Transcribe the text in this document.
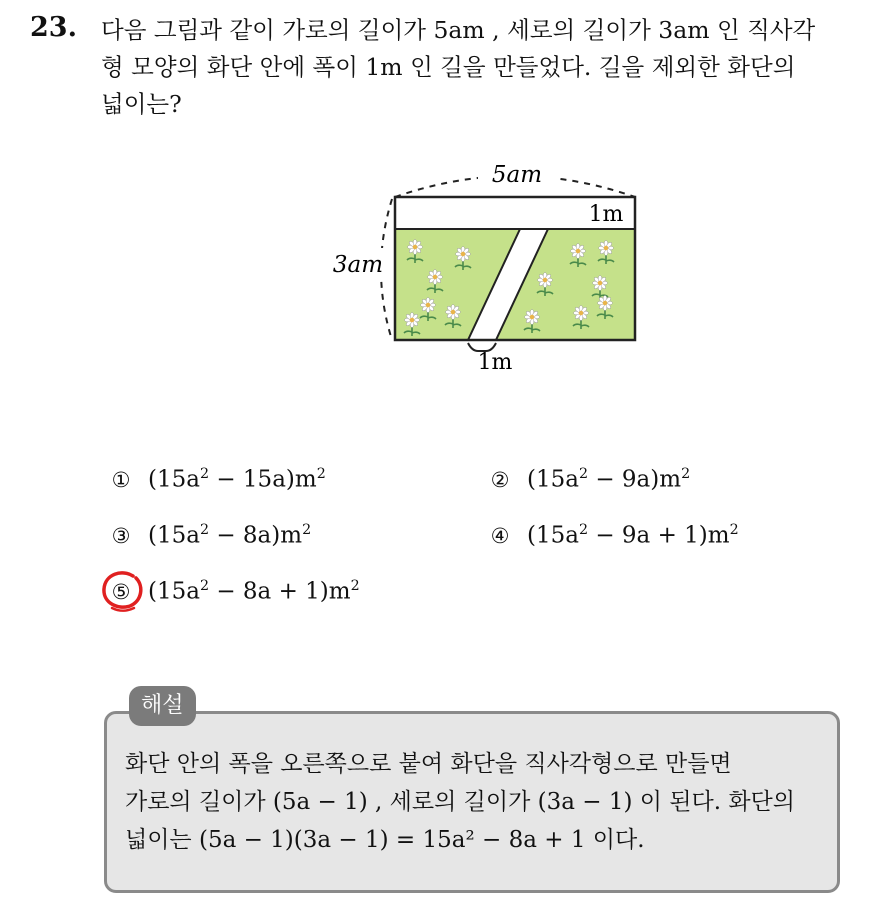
23. 다음 그림과 같이 가로의 길이가 5am , 세로의 길이가 3am 인 직사각
형 모양의 화단 안에 폭이 1m 인 길을 만들었다. 길을 제외한 화단의
넓이는?
5am
3am
1m
1m
① $(15a^2 - 15a)m^2$	② $(15a^2 - 9a)m^2$
③ $(15a^2 - 8a)m^2$	④ $(15a^2 - 9a + 1)m^2$
⑤ $(15a^2 - 8a + 1)m^2$
해설
화단 안의 폭을 오른쪽으로 붙여 화단을 직사각형으로 만들면
가로의 길이가 (5a − 1) , 세로의 길이가 (3a − 1) 이 된다. 화단의
넓이는 (5a − 1)(3a − 1) = 15a² − 8a + 1 이다.
